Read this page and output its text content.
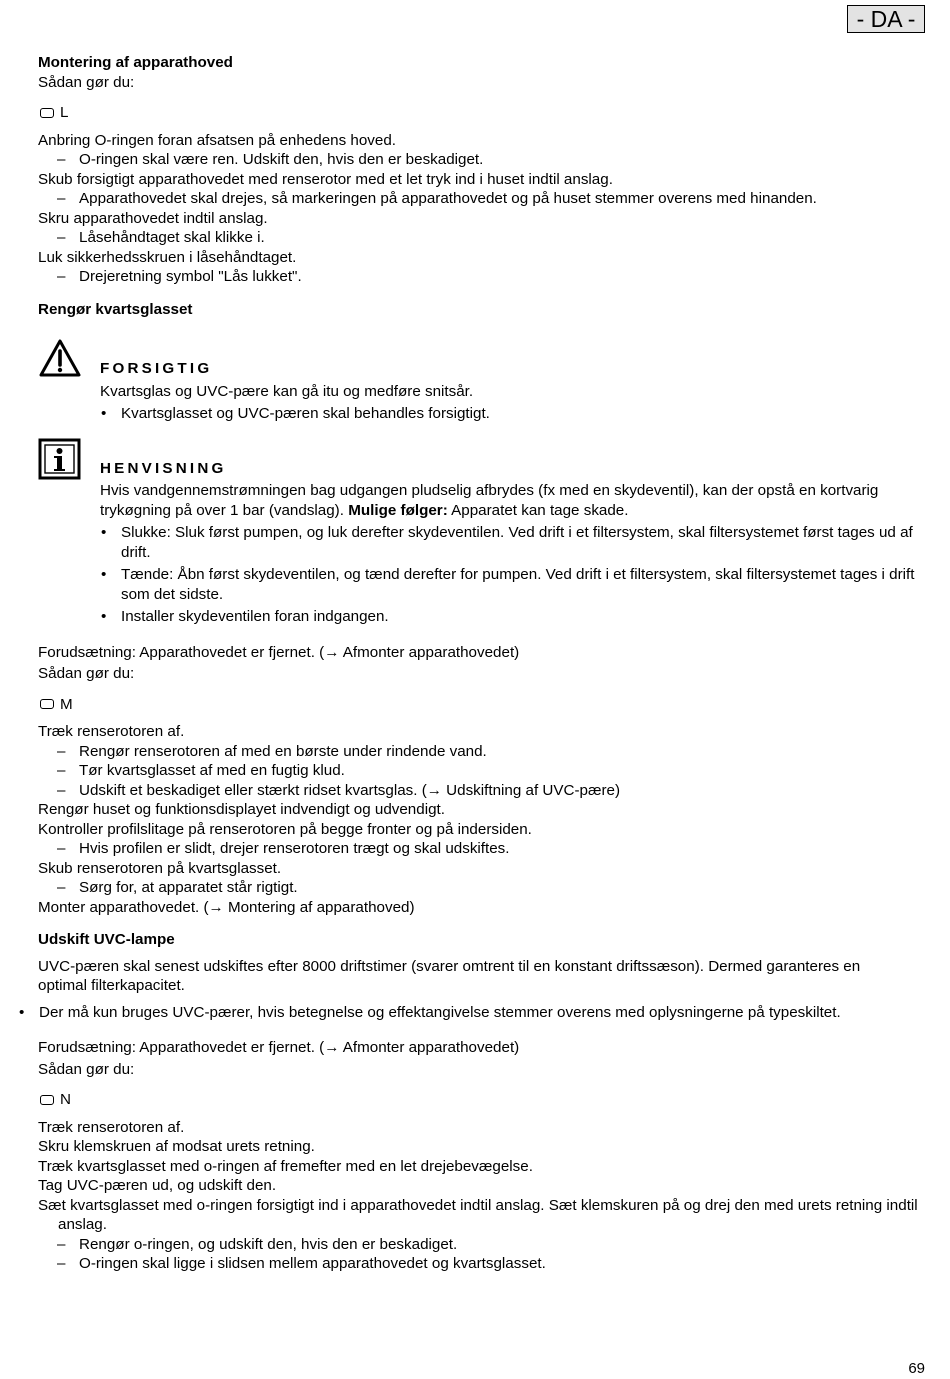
- DA -

Montering af apparathoved

Sådan gør du:

L

Anbring O-ringen foran afsatsen på enhedens hoved.

– O-ringen skal være ren. Udskift den, hvis den er beskadiget.

Skub forsigtigt apparathovedet med renserotor med et let tryk ind i huset indtil anslag.

– Apparathovedet skal drejes, så markeringen på apparathovedet og på huset stemmer overens med hinanden.

Skru apparathovedet indtil anslag.

– Låsehåndtaget skal klikke i.

Luk sikkerhedsskruen i låsehåndtaget.

– Drejeretning symbol "Lås lukket".

Rengør kvartsglasset

FORSIGTIG

Kvartsglas og UVC-pære kan gå itu og medføre snitsår.

• Kvartsglasset og UVC-pæren skal behandles forsigtigt.

HENVISNING

Hvis vandgennemstrømningen bag udgangen pludselig afbrydes (fx med en skydeventil), kan der opstå en kortvarig trykøgning på over 1 bar (vandslag). Mulige følger: Apparatet kan tage skade.

• Slukke: Sluk først pumpen, og luk derefter skydeventilen. Ved drift i et filtersystem, skal filtersystemet først tages ud af drift.

• Tænde: Åbn først skydeventilen, og tænd derefter for pumpen. Ved drift i et filtersystem, skal filtersystemet tages i drift som det sidste.

• Installer skydeventilen foran indgangen.

Forudsætning: Apparathovedet er fjernet. (→ Afmonter apparathovedet)

Sådan gør du:

M

Træk renserotoren af.

– Rengør renserotoren af med en børste under rindende vand.

– Tør kvartsglasset af med en fugtig klud.

– Udskift et beskadiget eller stærkt ridset kvartsglas. (→ Udskiftning af UVC-pære)

Rengør huset og funktionsdisplayet indvendigt og udvendigt.

Kontroller profilslitage på renserotoren på begge fronter og på indersiden.

– Hvis profilen er slidt, drejer renserotoren trægt og skal udskiftes.

Skub renserotoren på kvartsglasset.

– Sørg for, at apparatet står rigtigt.

Monter apparathovedet. (→ Montering af apparathoved)

Udskift UVC-lampe

UVC-pæren skal senest udskiftes efter 8000 driftstimer (svarer omtrent til en konstant driftssæson). Dermed garanteres en optimal filterkapacitet.

• Der må kun bruges UVC-pærer, hvis betegnelse og effektangivelse stemmer overens med oplysningerne på typeskiltet.

Forudsætning: Apparathovedet er fjernet. (→ Afmonter apparathovedet)

Sådan gør du:

N

Træk renserotoren af.

Skru klemskruen af modsat urets retning.

Træk kvartsglasset med o-ringen af fremefter med en let drejebevægelse.

Tag UVC-pæren ud, og udskift den.

Sæt kvartsglasset med o-ringen forsigtigt ind i apparathovedet indtil anslag. Sæt klemskuren på og drej den med urets retning indtil anslag.

– Rengør o-ringen, og udskift den, hvis den er beskadiget.

– O-ringen skal ligge i slidsen mellem apparathovedet og kvartsglasset.

69
